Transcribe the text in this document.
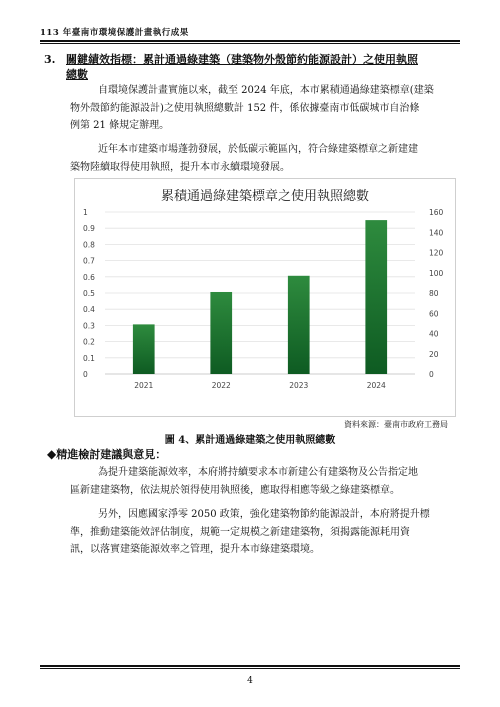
113 年臺南市環境保護計畫執行成果
3. 關鍵績效指標：累計通過綠建築（建築物外殼節約能源設計）之使用執照
總數
自環境保護計畫實施以來，截至 2024 年底，本市累積通過綠建築標章(建築
物外殼節約能源設計)之使用執照總數計 152 件，係依據臺南市低碳城市自治條
例第 21 條規定辦理。
近年本市建築市場蓬勃發展，於低碳示範區內，符合綠建築標章之新建建
築物陸續取得使用執照，提升本市永續環境發展。
累積通過綠建築標章之使用執照總數
0
0.1
0.2
0.3
0.4
0.5
0.6
0.7
0.8
0.9
1
0
20
40
60
80
100
120
140
160
2021	2022	2023	2024
資料來源：臺南市政府工務局
圖 4、累計通過綠建築之使用執照總數
◆精進檢討建議與意見：
為提升建築能源效率，本府將持續要求本市新建公有建築物及公告指定地
區新建建築物，依法規於領得使用執照後，應取得相應等級之綠建築標章。
另外，因應國家淨零 2050 政策，強化建築物節約能源設計，本府將提升標
準，推動建築能效評估制度，規範一定規模之新建建築物，須揭露能源耗用資
訊，以落實建築能源效率之管理，提升本市綠建築環境。
4
